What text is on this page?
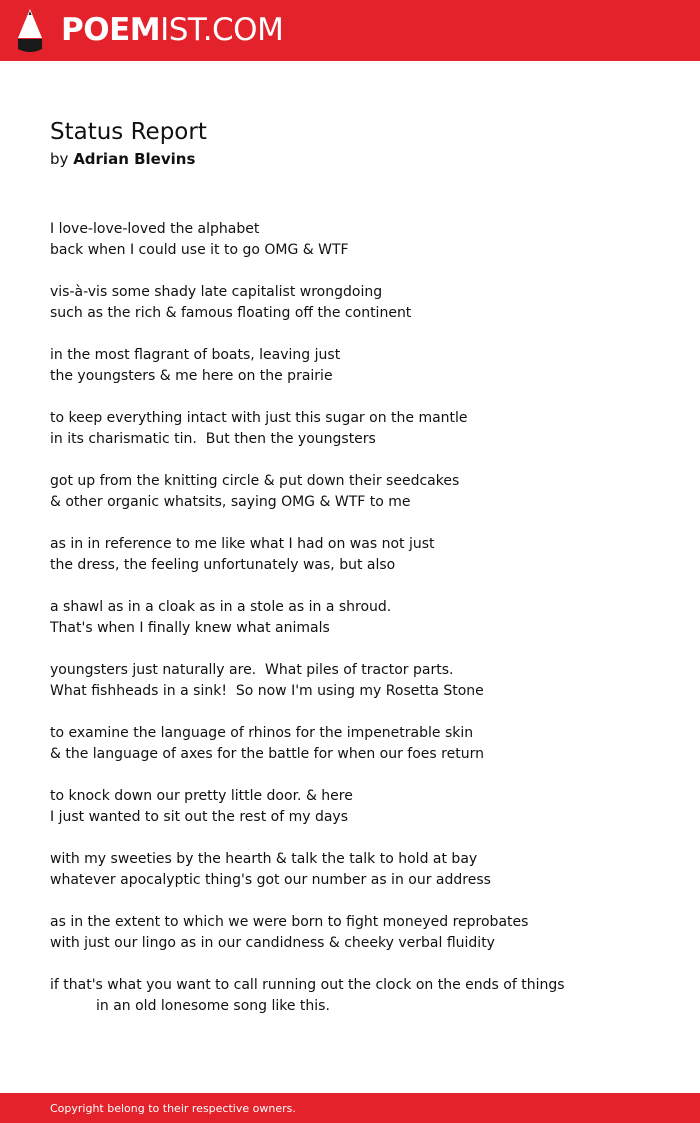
POEMIST.COM
Status Report
by Adrian Blevins
I love-love-loved the alphabet
back when I could use it to go OMG & WTF
vis-à-vis some shady late capitalist wrongdoing
such as the rich & famous floating off the continent
in the most flagrant of boats, leaving just
the youngsters & me here on the prairie
to keep everything intact with just this sugar on the mantle
in its charismatic tin.  But then the youngsters
got up from the knitting circle & put down their seedcakes
& other organic whatsits, saying OMG & WTF to me
as in in reference to me like what I had on was not just
the dress, the feeling unfortunately was, but also
a shawl as in a cloak as in a stole as in a shroud.
That's when I finally knew what animals
youngsters just naturally are.  What piles of tractor parts.
What fishheads in a sink!  So now I'm using my Rosetta Stone
to examine the language of rhinos for the impenetrable skin
& the language of axes for the battle for when our foes return
to knock down our pretty little door. & here
I just wanted to sit out the rest of my days
with my sweeties by the hearth & talk the talk to hold at bay
whatever apocalyptic thing's got our number as in our address
as in the extent to which we were born to fight moneyed reprobates
with just our lingo as in our candidness & cheeky verbal fluidity
if that's what you want to call running out the clock on the ends of things
in an old lonesome song like this.
Copyright belong to their respective owners.
